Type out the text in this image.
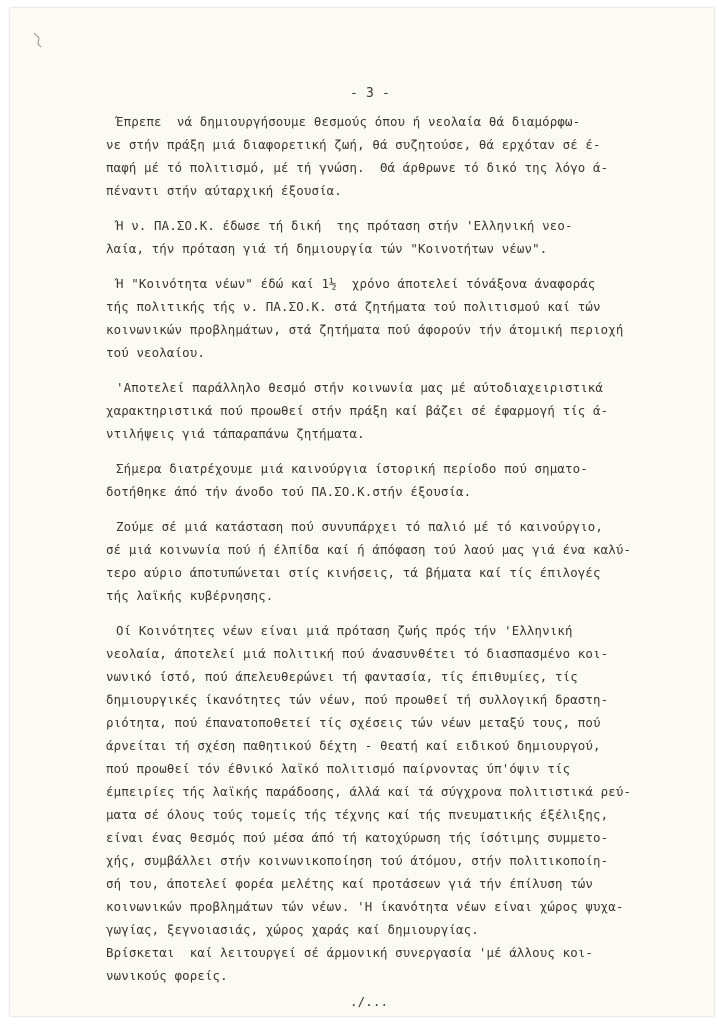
- 3 -
Έπρεπε  νά δημιουργήσουμε θεσμούς όπου ή νεολαία θά διαμόρφω-
νε στήν πράξη μιά διαφορετική ζωή, θά συζητούσε, θά ερχόταν σέ έ-
παφή μέ τό πολιτισμό, μέ τή γνώση.  Θά άρθρωνε τό δικό της λόγο ά-
πέναντι στήν αύταρχική έξουσία.
Ή ν. ΠΑ.ΣΟ.Κ. έδωσε τή δική  της πρόταση στήν 'Ελληνική νεο-
λαία, τήν πρόταση γιά τή δημιουργία τών "Κοινοτήτων νέων".
Ή "Κοινότητα νέων" έδώ καί 1½  χρόνο άποτελεί τόνάξονα άναφοράς
τής πολιτικής τής ν. ΠΑ.ΣΟ.Κ. στά ζητήματα τού πολιτισμού καί τών
κοινωνικών προβλημάτων, στά ζητήματα πού άφορούν τήν άτομική περιοχή
τού νεολαίου.
'Αποτελεί παράλληλο θεσμό στήν κοινωνία μας μέ αύτοδιαχειριστικά
χαρακτηριστικά πού προωθεί στήν πράξη καί βάζει σέ έφαρμογή τίς ά-
ντιλήψεις γιά τάπαραπάνω ζητήματα.
Σήμερα διατρέχουμε μιά καινούργια ίστορική περίοδο πού σηματο-
δοτήθηκε άπό τήν άνοδο τού ΠΑ.ΣΟ.Κ.στήν έξουσία.
Ζούμε σέ μιά κατάσταση πού συνυπάρχει τό παλιό μέ τό καινούργιο,
σέ μιά κοινωνία πού ή έλπίδα καί ή άπόφαση τού λαού μας γιά ένα καλύ-
τερο αύριο άποτυπώνεται στίς κινήσεις, τά βήματα καί τίς έπιλογές
τής λαϊκής κυβέρνησης.
Οί Κοινότητες νέων είναι μιά πρόταση ζωής πρός τήν 'Ελληνική
νεολαία, άποτελεί μιά πολιτική πού άνασυνθέτει τό διασπασμένο κοι-
νωνικό ίστό, πού άπελευθερώνει τή φαντασία, τίς έπιθυμίες, τίς
δημιουργικές ίκανότητες τών νέων, πού προωθεί τή συλλογική δραστη-
ριότητα, πού έπανατοποθετεί τίς σχέσεις τών νέων μεταξύ τους, πού
άρνείται τή σχέση παθητικού δέχτη - θεατή καί ειδικού δημιουργού,
πού προωθεί τόν έθνικό λαϊκό πολιτισμό παίρνοντας ύπ'όψιν τίς
έμπειρίες τής λαϊκής παράδοσης, άλλά καί τά σύγχρονα πολιτιστικά ρεύ-
ματα σέ όλους τούς τομείς τής τέχνης καί τής πνευματικής έξέλιξης,
είναι ένας θεσμός πού μέσα άπό τή κατοχύρωση τής ίσότιμης συμμετο-
χής, συμβάλλει στήν κοινωνικοποίηση τού άτόμου, στήν πολιτικοποίη-
σή του, άποτελεί φορέα μελέτης καί προτάσεων γιά τήν έπίλυση τών
κοινωνικών προβλημάτων τών νέων. 'Η ίκανότητα νέων είναι χώρος ψυχα-
γωγίας, ξεγνοιασιάς, χώρος χαράς καί δημιουργίας.
Βρίσκεται  καί λειτουργεί σέ άρμονική συνεργασία 'μέ άλλους κοι-
νωνικούς φορείς.
./...
